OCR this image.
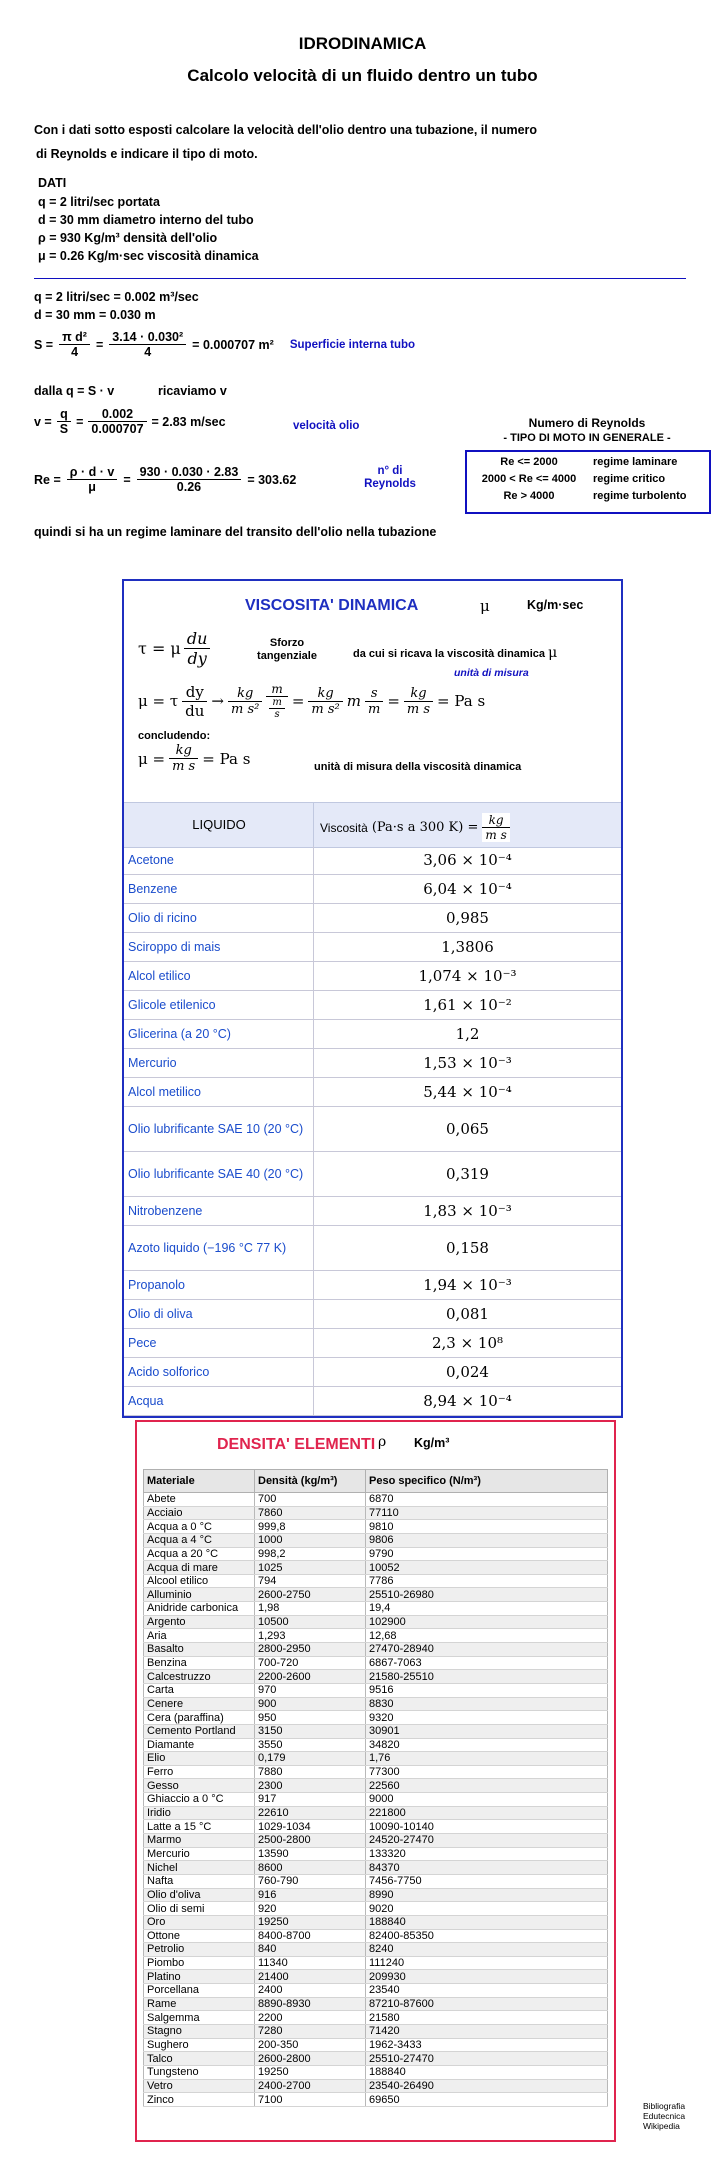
IDRODINAMICA
Calcolo velocità di un fluido dentro un tubo
Con i dati sotto esposti calcolare la velocità dell'olio dentro una tubazione, il numero
di Reynolds e indicare il tipo di moto.
DATI
q = 2 litri/sec portata
d = 30 mm diametro interno del tubo
ρ = 930 Kg/m³ densità dell'olio
μ = 0.26 Kg/m·sec viscosità dinamica
q = 2 litri/sec = 0.002 m³/sec
d = 30 mm = 0.030 m
$S = \frac{\text{π d²}}{4} = \frac{\text{3.14 · 0.030²}}{4} = 0.000707$ m² Superficie interna tubo
dalla q = S · v	ricaviamo v
$v = \frac{q}{S} = \frac{0.002}{0.000707} = 2.83$ m/sec	velocità olio
$Re = \frac{\rho \cdot d \cdot v}{\mu} = \frac{930 \cdot 0.030 \cdot 2.83}{0.26} = 303.62$
n° di
Reynolds
Numero di Reynolds
- TIPO DI MOTO IN GENERALE -
Re <= 2000	regime laminare
2000 < Re <= 4000	regime critico
Re > 4000	regime turbolento
quindi si ha un regime laminare del transito dell'olio nella tubazione
VISCOSITA' DINAMICA	μ	Kg/m·sec
τ = μ $\frac{du}{dy}$	Sforzo
tangenziale	da cui si ricava la viscosità dinamica μ
unità di misura
μ = τ $\frac{dy}{du} \to \frac{kg}{\text{m s²}} \frac{m}{\frac{m}{s}} = \frac{kg}{\text{m s²}}$ m $\frac{s}{m} = \frac{kg}{\text{m s}} = Pa$ s
concludendo:
$\mu = \frac{kg}{\text{m s}} = Pa$ s	unità di misura della viscosità dinamica
LIQUIDO	Viscosità (Pa·s a 300 $K) = \frac{kg}{\text{m s}}$
Acetone	3,06 × 10⁻⁴
Benzene	6,04 × 10⁻⁴
Olio di ricino	0,985
Sciroppo di mais	1,3806
Alcol etilico	1,074 × 10⁻³
Glicole etilenico	1,61 × 10⁻²
Glicerina (a 20 °C)	1,2
Mercurio	1,53 × 10⁻³
Alcol metilico	5,44 × 10⁻⁴
Olio lubrificante SAE 10 (20 °C)	0,065
Olio lubrificante SAE 40 (20 °C)	0,319
Nitrobenzene	1,83 × 10⁻³
Azoto liquido (−196 °C 77 K)	0,158
Propanolo	1,94 × 10⁻³
Olio di oliva	0,081
Pece	2,3 × 10⁸
Acido solforico	0,024
Acqua	8,94 × 10⁻⁴
DENSITA' ELEMENTI ρ Kg/m³
Materiale	Densità (kg/m³)	Peso specifico (N/m³)
Abete	700	6870
Acciaio	7860	77110
Acqua a 0 °C	999,8	9810
Acqua a 4 °C	1000	9806
Acqua a 20 °C	998,2	9790
Acqua di mare	1025	10052
Alcool etilico	794	7786
Alluminio	2600-2750	25510-26980
Anidride carbonica	1,98	19,4
Argento	10500	102900
Aria	1,293	12,68
Basalto	2800-2950	27470-28940
Benzina	700-720	6867-7063
Calcestruzzo	2200-2600	21580-25510
Carta	970	9516
Cenere	900	8830
Cera (paraffina)	950	9320
Cemento Portland	3150	30901
Diamante	3550	34820
Elio	0,179	1,76
Ferro	7880	77300
Gesso	2300	22560
Ghiaccio a 0 °C	917	9000
Iridio	22610	221800
Latte a 15 °C	1029-1034	10090-10140
Marmo	2500-2800	24520-27470
Mercurio	13590	133320
Nichel	8600	84370
Nafta	760-790	7456-7750
Olio d'oliva	916	8990
Olio di semi	920	9020
Oro	19250	188840
Ottone	8400-8700	82400-85350
Petrolio	840	8240
Piombo	11340	111240
Platino	21400	209930
Porcellana	2400	23540
Rame	8890-8930	87210-87600
Salgemma	2200	21580
Stagno	7280	71420
Sughero	200-350	1962-3433
Talco	2600-2800	25510-27470
Tungsteno	19250	188840
Vetro	2400-2700	23540-26490
Zinco	7100	69650
Bibliografia
Edutecnica
Wikipedia
